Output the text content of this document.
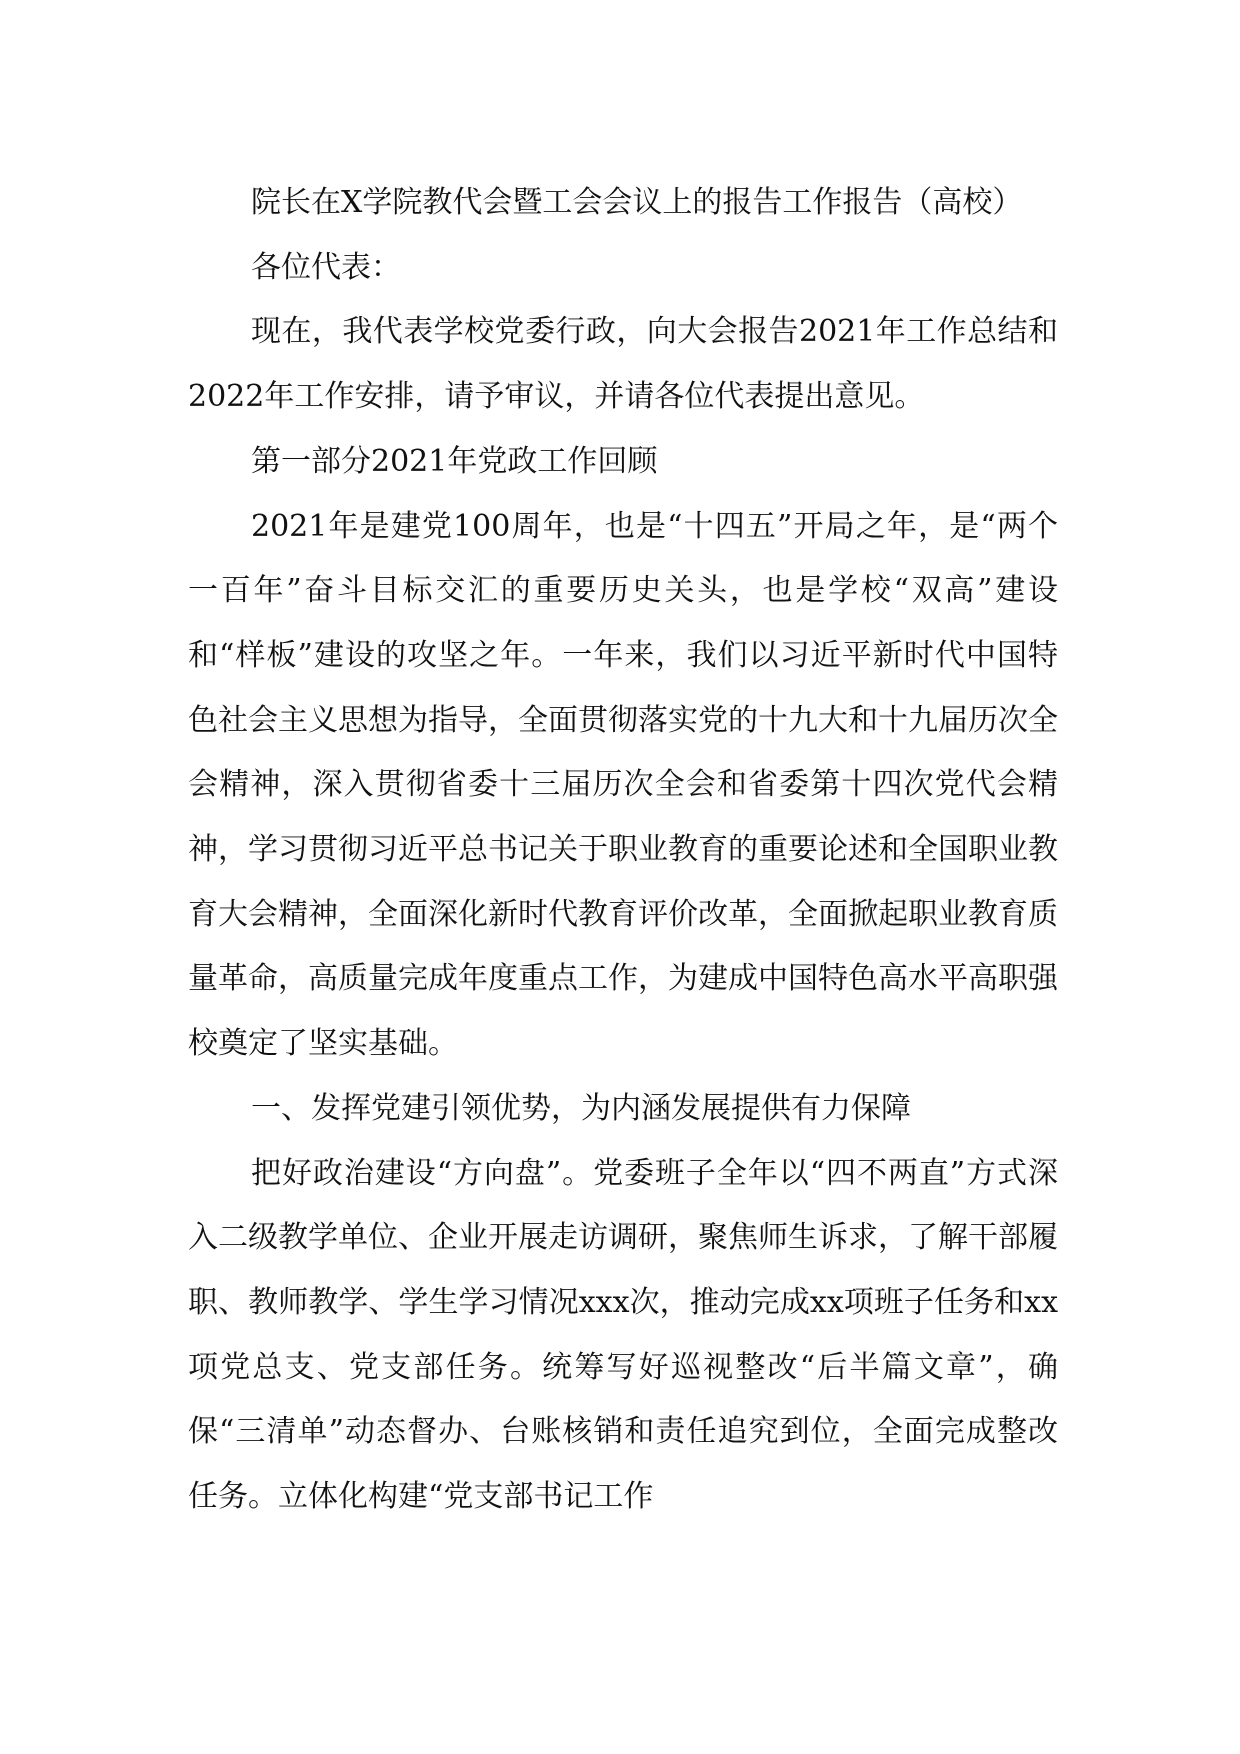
院长在X学院教代会暨工会会议上的报告工作报告（高校）

各位代表：

现在，我代表学校党委行政，向大会报告2021年工作总结和2022年工作安排，请予审议，并请各位代表提出意见。

第一部分2021年党政工作回顾

2021年是建党100周年，也是“十四五”开局之年，是“两个一百年”奋斗目标交汇的重要历史关头，也是学校“双高”建设和“样板”建设的攻坚之年。一年来，我们以习近平新时代中国特色社会主义思想为指导，全面贯彻落实党的十九大和十九届历次全会精神，深入贯彻省委十三届历次全会和省委第十四次党代会精神，学习贯彻习近平总书记关于职业教育的重要论述和全国职业教育大会精神，全面深化新时代教育评价改革，全面掀起职业教育质量革命，高质量完成年度重点工作，为建成中国特色高水平高职强校奠定了坚实基础。

一、发挥党建引领优势，为内涵发展提供有力保障

把好政治建设“方向盘”。党委班子全年以“四不两直”方式深入二级教学单位、企业开展走访调研，聚焦师生诉求，了解干部履职、教师教学、学生学习情况xxx次，推动完成xx项班子任务和xx项党总支、党支部任务。统筹写好巡视整改“后半篇文章”，确保“三清单”动态督办、台账核销和责任追究到位，全面完成整改任务。立体化构建“党支部书记工作
